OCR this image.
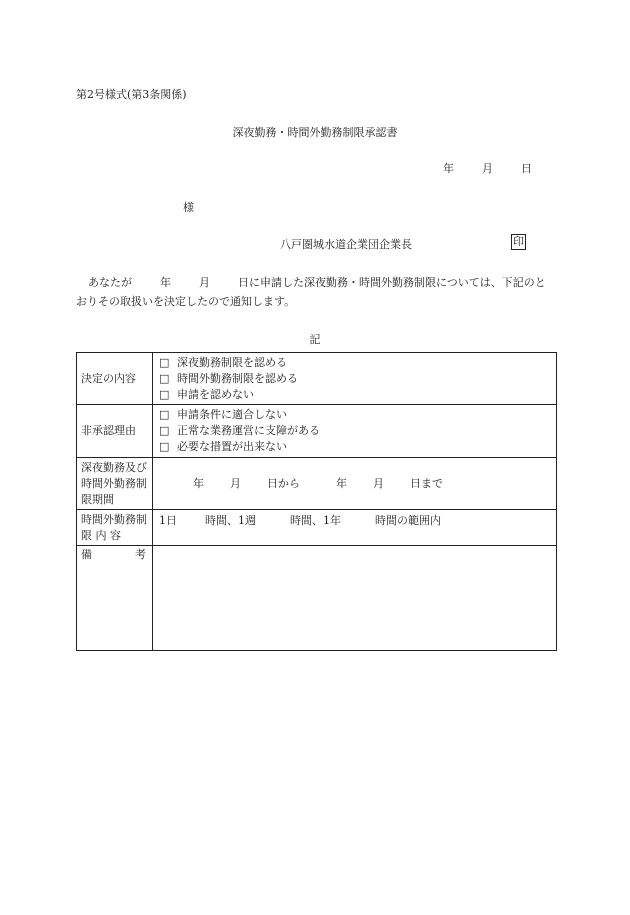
第2号様式(第3条関係)
深夜勤務・時間外勤務制限承認書
年	月	日
様
八戸圏城水道企業団企業長	印
あなたが	年	月	日に申請した深夜勤務・時間外勤務制限については、下記のとおりその取扱いを決定したので通知します。
記
決定の内容	□ 深夜勤務制限を認める
□ 時間外勤務制限を認める
□ 申請を認めない

非承認理由	□ 申請条件に適合しない
□ 正常な業務運営に支障がある
□ 必要な措置が出来ない

深夜勤務及び時間外勤務制限期間	年 月 日から 年 月 日まで

時間外勤務制 限 内 容	1日 時間、1週 時間、1年 時間の範囲内

備 考	
